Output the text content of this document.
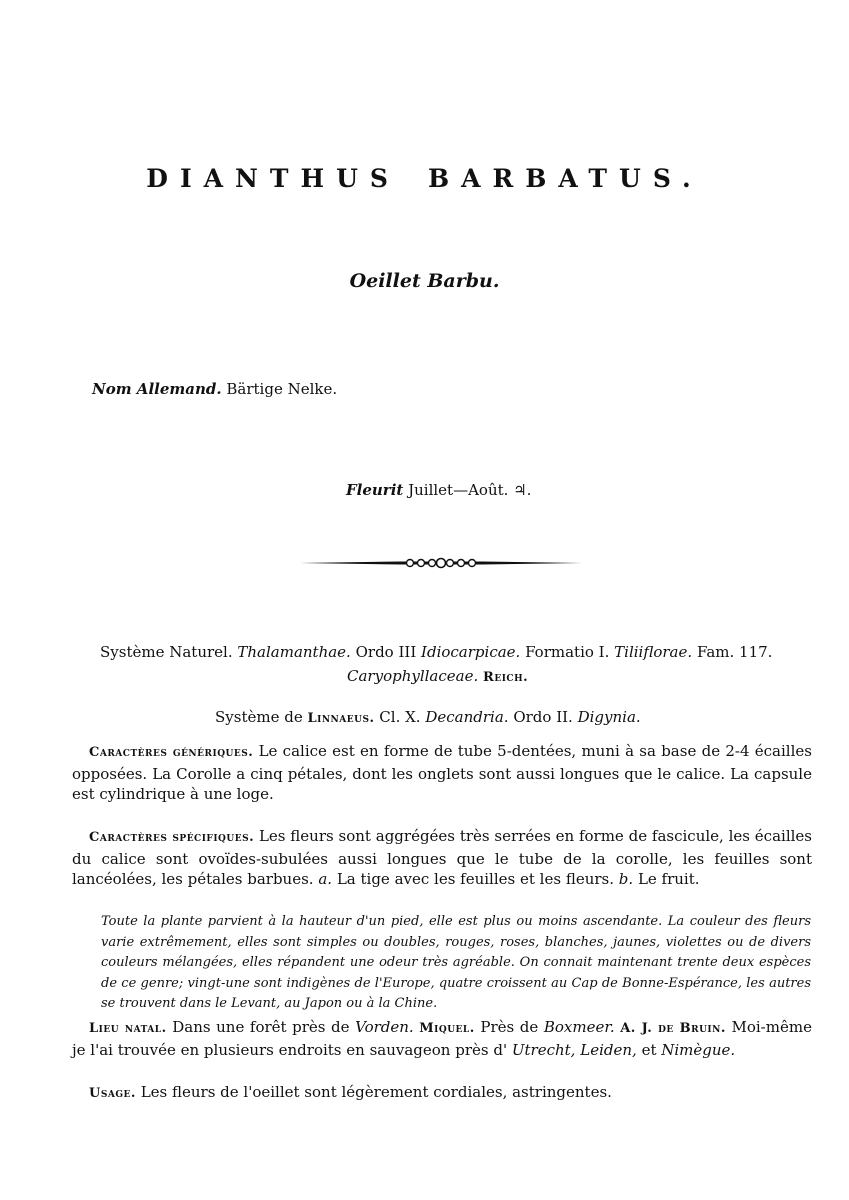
DIANTHUS BARBATUS.
Oeillet Barbu.
Nom Allemand. Bärtige Nelke.
Fleurit Juillet—Août. ♃.
Système Naturel. Thalamanthae. Ordo III Idiocarpicae. Formatio I. Tiliiflorae. Fam. 117.
Caryophyllaceae. Reich.
Système de Linnaeus. Cl. X. Decandria. Ordo II. Digynia.
Caractères génériques. Le calice est en forme de tube 5-dentées, muni à sa base de 2-4 écailles opposées. La Corolle a cinq pétales, dont les onglets sont aussi longues que le calice. La capsule est cylindrique à une loge.
Caractères spécifiques. Les fleurs sont aggrégées très serrées en forme de fascicule, les écailles du calice sont ovoïdes-subulées aussi longues que le tube de la corolle, les feuilles sont lancéolées, les pétales barbues. a. La tige avec les feuilles et les fleurs. b. Le fruit.
Toute la plante parvient à la hauteur d'un pied, elle est plus ou moins ascendante. La couleur des fleurs varie extrêmement, elles sont simples ou doubles, rouges, roses, blanches, jaunes, violettes ou de divers couleurs mélangées, elles répandent une odeur très agréable. On connait maintenant trente deux espèces de ce genre; vingt-une sont indigènes de l'Europe, quatre croissent au Cap de Bonne-Espérance, les autres se trouvent dans le Levant, au Japon ou à la Chine.
Lieu natal. Dans une forêt près de Vorden. Miquel. Près de Boxmeer. A. J. de Bruin. Moi-même je l'ai trouvée en plusieurs endroits en sauvageon près d' Utrecht, Leiden, et Nimègue.
Usage. Les fleurs de l'oeillet sont légèrement cordiales, astringentes.
